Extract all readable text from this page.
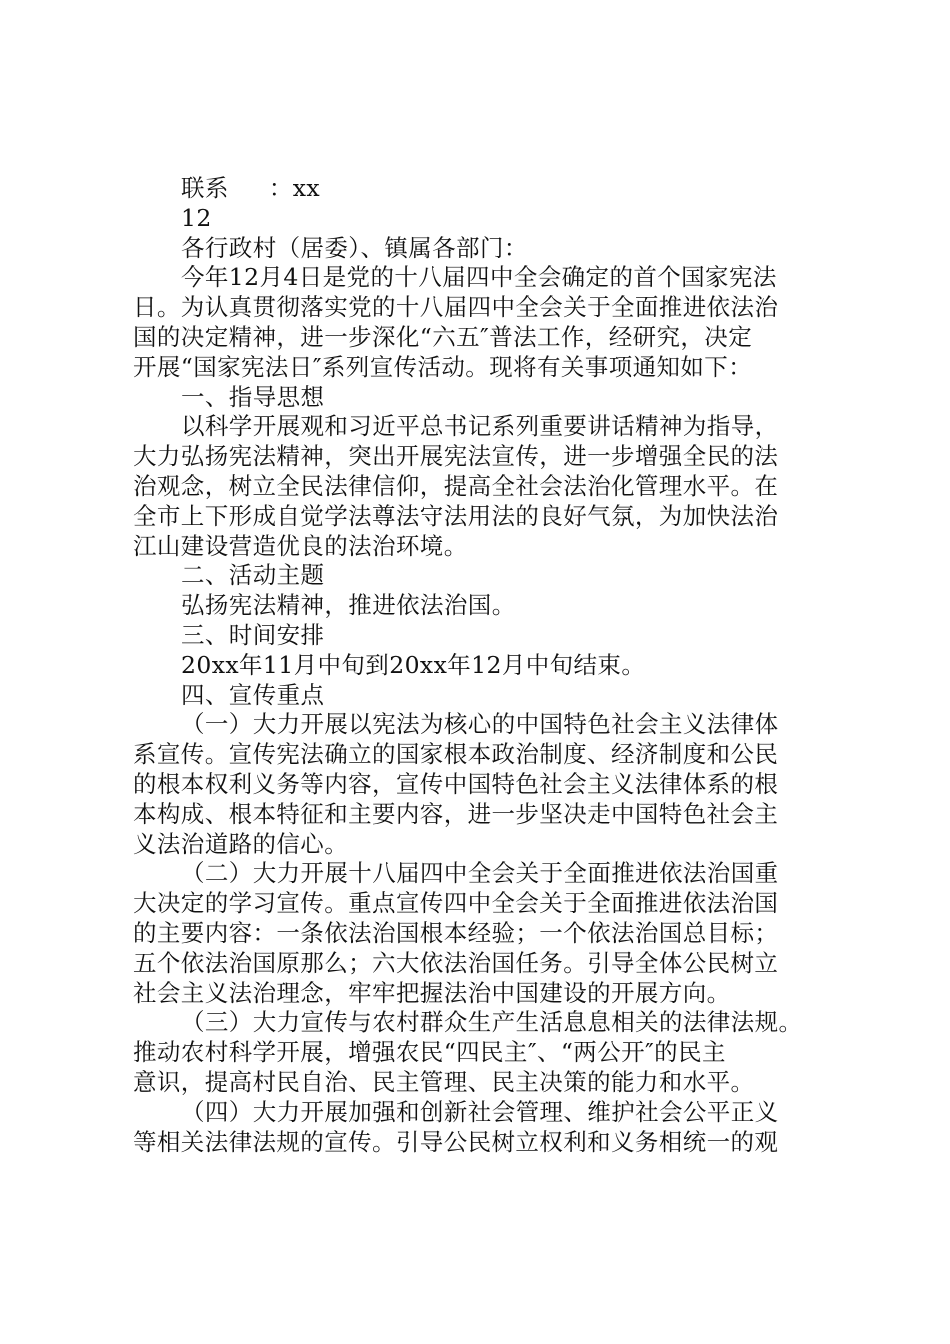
联系 ：xx
12
各行政村（居委）、镇属各部门：
今年12月4日是党的十八届四中全会确定的首个国家宪法
日。为认真贯彻落实党的十八届四中全会关于全面推进依法治
国的决定精神，进一步深化“六五″普法工作，经研究，决定
开展“国家宪法日″系列宣传活动。现将有关事项通知如下：
一、指导思想
以科学开展观和习近平总书记系列重要讲话精神为指导，
大力弘扬宪法精神，突出开展宪法宣传，进一步增强全民的法
治观念，树立全民法律信仰，提高全社会法治化管理水平。在
全市上下形成自觉学法尊法守法用法的良好气氛，为加快法治
江山建设营造优良的法治环境。
二、活动主题
弘扬宪法精神，推进依法治国。
三、时间安排
20xx年11月中旬到20xx年12月中旬结束。
四、宣传重点
（一）大力开展以宪法为核心的中国特色社会主义法律体
系宣传。宣传宪法确立的国家根本政治制度、经济制度和公民
的根本权利义务等内容，宣传中国特色社会主义法律体系的根
本构成、根本特征和主要内容，进一步坚决走中国特色社会主
义法治道路的信心。
（二）大力开展十八届四中全会关于全面推进依法治国重
大决定的学习宣传。重点宣传四中全会关于全面推进依法治国
的主要内容：一条依法治国根本经验；一个依法治国总目标；
五个依法治国原那么；六大依法治国任务。引导全体公民树立
社会主义法治理念，牢牢把握法治中国建设的开展方向。
（三）大力宣传与农村群众生产生活息息相关的法律法规。
推动农村科学开展，增强农民“四民主″、“两公开″的民主
意识，提高村民自治、民主管理、民主决策的能力和水平。
（四）大力开展加强和创新社会管理、维护社会公平正义
等相关法律法规的宣传。引导公民树立权利和义务相统一的观
